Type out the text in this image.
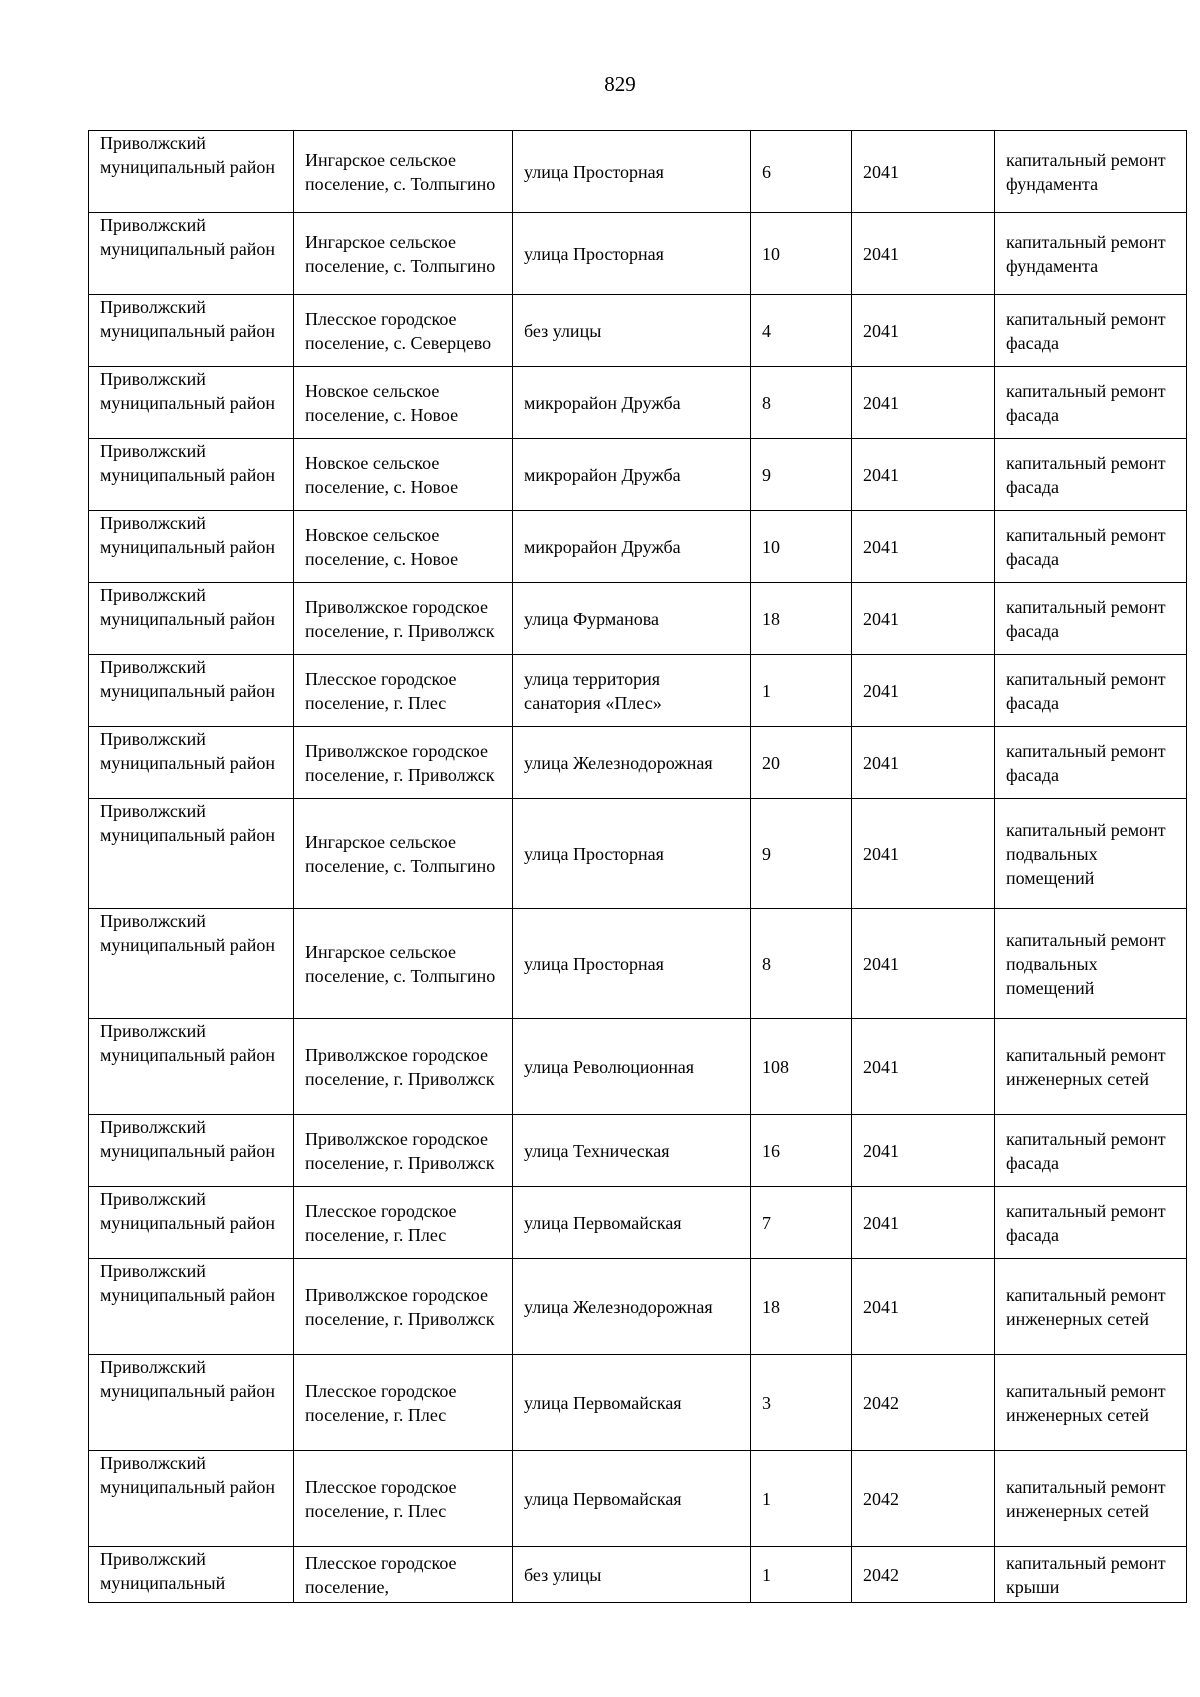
829
Приволжский муниципальный район	Ингарское сельское поселение, с. Толпыгино	улица Просторная	6	2041	капитальный ремонт фундамента
Приволжский муниципальный район	Ингарское сельское поселение, с. Толпыгино	улица Просторная	10	2041	капитальный ремонт фундамента
Приволжский муниципальный район	Плесское городское поселение, с. Северцево	без улицы	4	2041	капитальный ремонт фасада
Приволжский муниципальный район	Новское сельское поселение, с. Новое	микрорайон Дружба	8	2041	капитальный ремонт фасада
Приволжский муниципальный район	Новское сельское поселение, с. Новое	микрорайон Дружба	9	2041	капитальный ремонт фасада
Приволжский муниципальный район	Новское сельское поселение, с. Новое	микрорайон Дружба	10	2041	капитальный ремонт фасада
Приволжский муниципальный район	Приволжское городское поселение, г. Приволжск	улица Фурманова	18	2041	капитальный ремонт фасада
Приволжский муниципальный район	Плесское городское поселение, г. Плес	улица территория санатория «Плес»	1	2041	капитальный ремонт фасада
Приволжский муниципальный район	Приволжское городское поселение, г. Приволжск	улица Железнодорожная	20	2041	капитальный ремонт фасада
Приволжский муниципальный район	Ингарское сельское поселение, с. Толпыгино	улица Просторная	9	2041	капитальный ремонт подвальных помещений
Приволжский муниципальный район	Ингарское сельское поселение, с. Толпыгино	улица Просторная	8	2041	капитальный ремонт подвальных помещений
Приволжский муниципальный район	Приволжское городское поселение, г. Приволжск	улица Революционная	108	2041	капитальный ремонт инженерных сетей
Приволжский муниципальный район	Приволжское городское поселение, г. Приволжск	улица Техническая	16	2041	капитальный ремонт фасада
Приволжский муниципальный район	Плесское городское поселение, г. Плес	улица Первомайская	7	2041	капитальный ремонт фасада
Приволжский муниципальный район	Приволжское городское поселение, г. Приволжск	улица Железнодорожная	18	2041	капитальный ремонт инженерных сетей
Приволжский муниципальный район	Плесское городское поселение, г. Плес	улица Первомайская	3	2042	капитальный ремонт инженерных сетей
Приволжский муниципальный район	Плесское городское поселение, г. Плес	улица Первомайская	1	2042	капитальный ремонт инженерных сетей
Приволжский муниципальный	Плесское городское поселение,	без улицы	1	2042	капитальный ремонт крыши
